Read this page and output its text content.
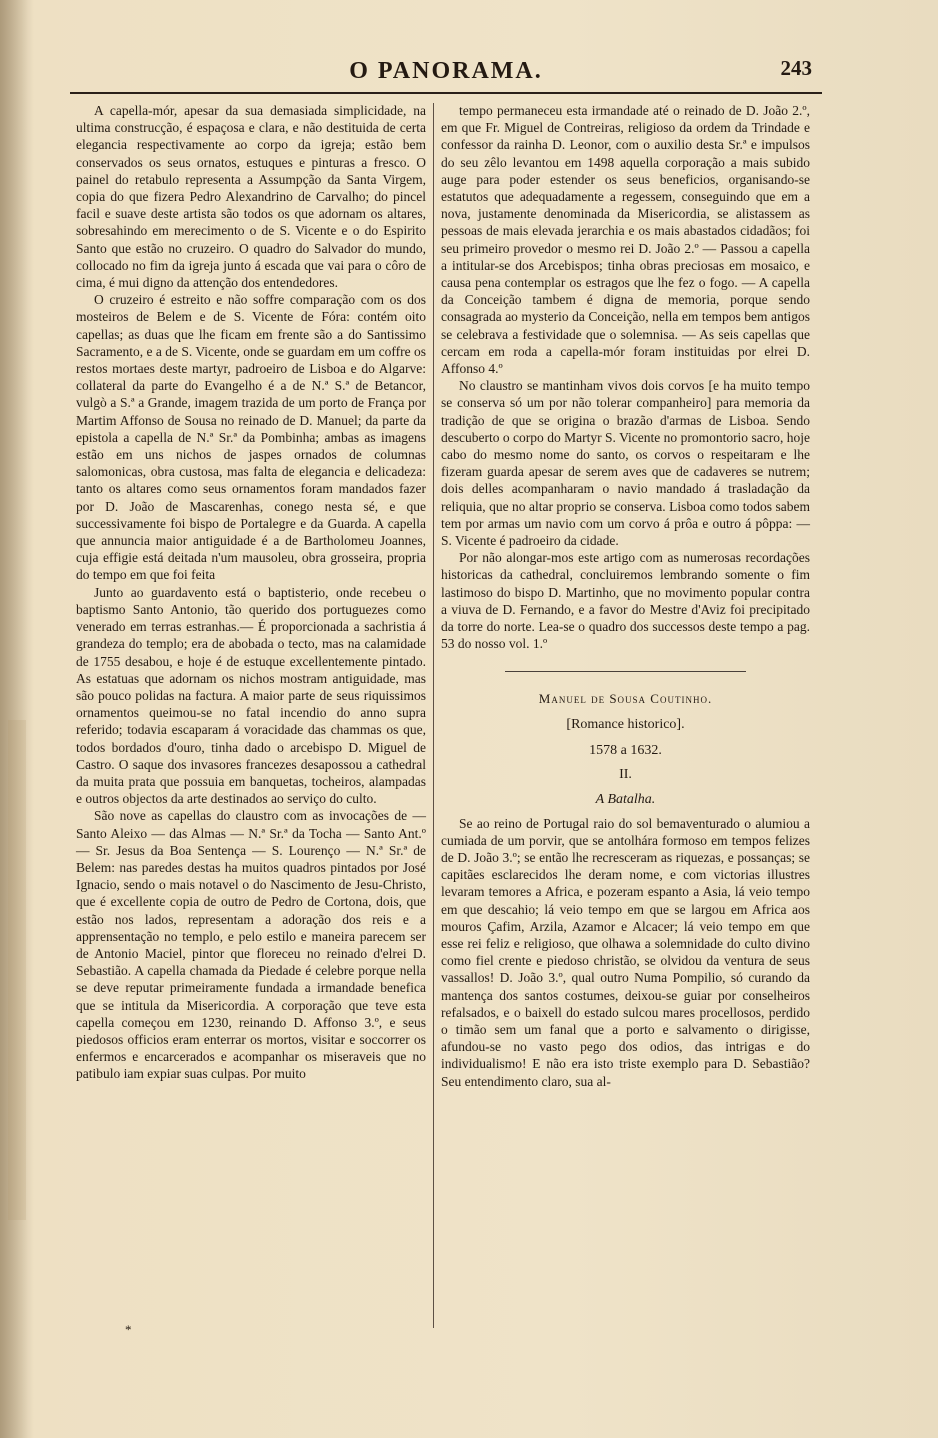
O PANORAMA.	243

A capella-mór, apesar da sua demasiada simplicidade, na ultima construcção, é espaçosa e clara, e não destituida de certa elegancia respectivamente ao corpo da igreja; estão bem conservados os seus ornatos, estuques e pinturas a fresco. O painel do retabulo representa a Assumpção da Santa Virgem, copia do que fizera Pedro Alexandrino de Carvalho; do pincel facil e suave deste artista são todos os que adornam os altares, sobresahindo em merecimento o de S. Vicente e o do Espirito Santo que estão no cruzeiro. O quadro do Salvador do mundo, collocado no fim da igreja junto á escada que vai para o côro de cima, é mui digno da attenção dos entendedores.

O cruzeiro é estreito e não soffre comparação com os dos mosteiros de Belem e de S. Vicente de Fóra: contém oito capellas; as duas que lhe ficam em frente são a do Santissimo Sacramento, e a de S. Vicente, onde se guardam em um coffre os restos mortaes deste martyr, padroeiro de Lisboa e do Algarve: collateral da parte do Evangelho é a de N.ª S.ª de Betancor, vulgò a S.ª a Grande, imagem trazida de um porto de França por Martim Affonso de Sousa no reinado de D. Manuel; da parte da epistola a capella de N.ª Sr.ª da Pombinha; ambas as imagens estão em uns nichos de jaspes ornados de columnas salomonicas, obra custosa, mas falta de elegancia e delicadeza: tanto os altares como seus ornamentos foram mandados fazer por D. João de Mascarenhas, conego nesta sé, e que successivamente foi bispo de Portalegre e da Guarda. A capella que annuncia maior antiguidade é a de Bartholomeu Joannes, cuja effigie está deitada n'um mausoleu, obra grosseira, propria do tempo em que foi feita

Junto ao guardavento está o baptisterio, onde recebeu o baptismo Santo Antonio, tão querido dos portuguezes como venerado em terras estranhas.— É proporcionada a sachristia á grandeza do templo; era de abobada o tecto, mas na calamidade de 1755 desabou, e hoje é de estuque excellentemente pintado. As estatuas que adornam os nichos mostram antiguidade, mas são pouco polidas na factura. A maior parte de seus riquissimos ornamentos queimou-se no fatal incendio do anno supra referido; todavia escaparam á voracidade das chammas os que, todos bordados d'ouro, tinha dado o arcebispo D. Miguel de Castro. O saque dos invasores francezes desapossou a cathedral da muita prata que possuia em banquetas, tocheiros, alampadas e outros objectos da arte destinados ao serviço do culto.

São nove as capellas do claustro com as invocações de — Santo Aleixo — das Almas — N.ª Sr.ª da Tocha — Santo Ant.º — Sr. Jesus da Boa Sentença — S. Lourenço — N.ª Sr.ª de Belem: nas paredes destas ha muitos quadros pintados por José Ignacio, sendo o mais notavel o do Nascimento de Jesu-Christo, que é excellente copia de outro de Pedro de Cortona, dois, que estão nos lados, representam a adoração dos reis e a apprensentação no templo, e pelo estilo e maneira parecem ser de Antonio Maciel, pintor que floreceu no reinado d'elrei D. Sebastião. A capella chamada da Piedade é celebre porque nella se deve reputar primeiramente fundada a irmandade benefica que se intitula da Misericordia. A corporação que teve esta capella começou em 1230, reinando D. Affonso 3.º, e seus piedosos officios eram enterrar os mortos, visitar e soccorrer os enfermos e encarcerados e acompanhar os miseraveis que no patibulo iam expiar suas culpas. Por muito

*

tempo permaneceu esta irmandade até o reinado de D. João 2.º, em que Fr. Miguel de Contreiras, religioso da ordem da Trindade e confessor da rainha D. Leonor, com o auxilio desta Sr.ª e impulsos do seu zêlo levantou em 1498 aquella corporação a mais subido auge para poder estender os seus beneficios, organisando-se estatutos que adequadamente a regessem, conseguindo que em a nova, justamente denominada da Misericordia, se alistassem as pessoas de mais elevada jerarchia e os mais abastados cidadãos; foi seu primeiro provedor o mesmo rei D. João 2.º — Passou a capella a intitular-se dos Arcebispos; tinha obras preciosas em mosaico, e causa pena contemplar os estragos que lhe fez o fogo. — A capella da Conceição tambem é digna de memoria, porque sendo consagrada ao mysterio da Conceição, nella em tempos bem antigos se celebrava a festividade que o solemnisa. — As seis capellas que cercam em roda a capella-mór foram instituidas por elrei D. Affonso 4.º

No claustro se mantinham vivos dois corvos [e ha muito tempo se conserva só um por não tolerar companheiro] para memoria da tradição de que se origina o brazão d'armas de Lisboa. Sendo descuberto o corpo do Martyr S. Vicente no promontorio sacro, hoje cabo do mesmo nome do santo, os corvos o respeitaram e lhe fizeram guarda apesar de serem aves que de cadaveres se nutrem; dois delles acompanharam o navio mandado á trasladação da reliquia, que no altar proprio se conserva. Lisboa como todos sabem tem por armas um navio com um corvo á prôa e outro á pôppa: — S. Vicente é padroeiro da cidade.

Por não alongar-mos este artigo com as numerosas recordações historicas da cathedral, concluiremos lembrando somente o fim lastimoso do bispo D. Martinho, que no movimento popular contra a viuva de D. Fernando, e a favor do Mestre d'Aviz foi precipitado da torre do norte. Lea-se o quadro dos successos deste tempo a pag. 53 do nosso vol. 1.º

Manuel de Sousa Coutinho.
[Romance historico].
1578 a 1632.
II.
A Batalha.

Se ao reino de Portugal raio do sol bemaventurado o alumiou a cumiada de um porvir, que se antolhára formoso em tempos felizes de D. João 3.º; se então lhe recresceram as riquezas, e possanças; se capitães esclarecidos lhe deram nome, e com victorias illustres levaram temores a Africa, e pozeram espanto a Asia, lá veio tempo em que descahio; lá veio tempo em que se largou em Africa aos mouros Çafim, Arzila, Azamor e Alcacer; lá veio tempo em que esse rei feliz e religioso, que olhawa a solemnidade do culto divino como fiel crente e piedoso christão, se olvidou da ventura de seus vassallos! D. João 3.º, qual outro Numa Pompilio, só curando da mantença dos santos costumes, deixou-se guiar por conselheiros refalsados, e o baixell do estado sulcou mares procellosos, perdido o timão sem um fanal que a porto e salvamento o dirigisse, afundou-se no vasto pego dos odios, das intrigas e do individualismo! E não era isto triste exemplo para D. Sebastião? Seu entendimento claro, sua al-
